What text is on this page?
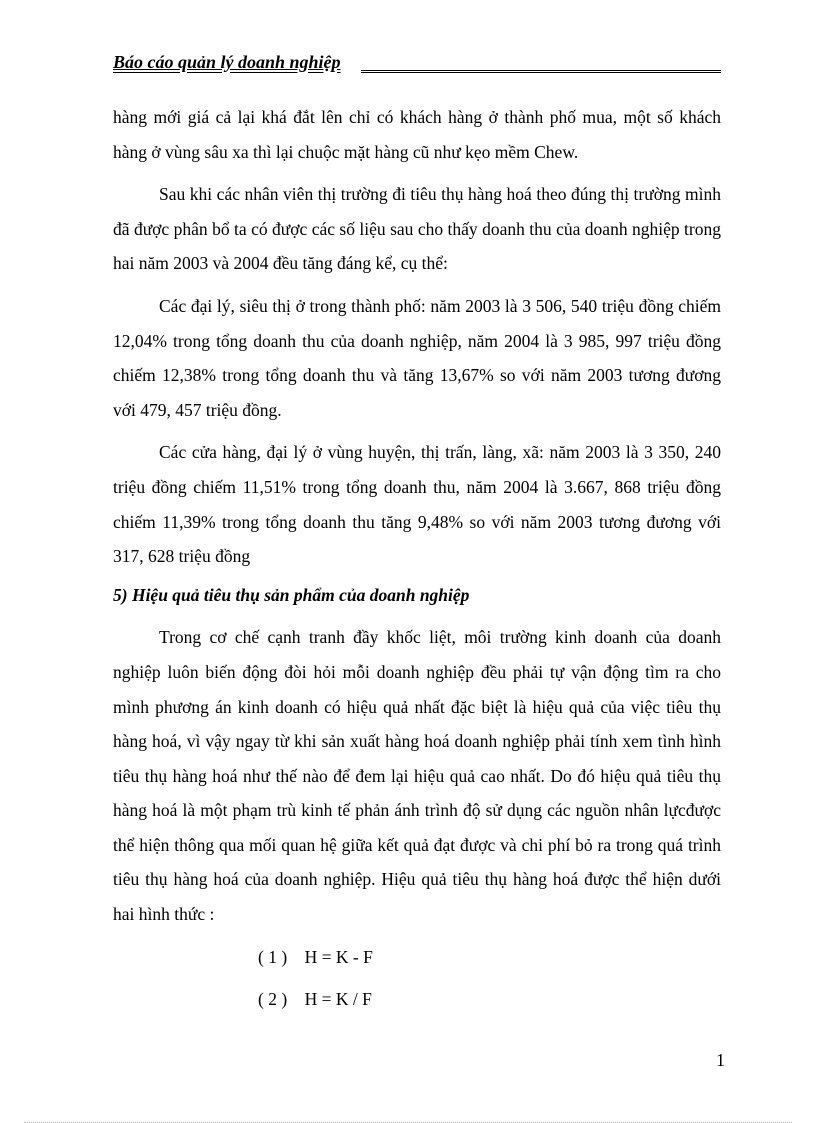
Báo cáo quản lý doanh nghiệp

hàng mới giá cả lại khá đắt lên chỉ có khách hàng ở thành phố mua, một số khách hàng ở vùng sâu xa thì lại chuộc mặt hàng cũ như kẹo mềm Chew.

Sau khi các nhân viên thị trường đi tiêu thụ hàng hoá theo đúng thị trường mình đã được phân bổ ta có được các số liệu sau cho thấy doanh thu của doanh nghiệp trong hai năm 2003 và 2004 đều tăng đáng kể, cụ thể:

Các đại lý, siêu thị ở trong thành phố: năm 2003 là 3 506, 540 triệu đồng chiếm 12,04% trong tổng doanh thu của doanh nghiệp, năm 2004 là 3 985, 997 triệu đồng chiếm 12,38% trong tổng doanh thu và tăng 13,67% so với năm 2003 tương đương với 479, 457 triệu đồng.

Các cửa hàng, đại lý ở vùng huyện, thị trấn, làng, xã: năm 2003 là 3 350, 240 triệu đồng chiếm 11,51% trong tổng doanh thu, năm 2004 là 3.667, 868 triệu đồng chiếm 11,39% trong tổng doanh thu tăng 9,48% so với năm 2003 tương đương với 317, 628 triệu đồng

5) Hiệu quả tiêu thụ sản phẩm của doanh nghiệp

Trong cơ chế cạnh tranh đầy khốc liệt, môi trường kinh doanh của doanh nghiệp luôn biến động đòi hỏi mỗi doanh nghiệp đều phải tự vận động tìm ra cho mình phương án kinh doanh có hiệu quả nhất đặc biệt là hiệu quả của việc tiêu thụ hàng hoá, vì vậy ngay từ khi sản xuất hàng hoá doanh nghiệp phải tính xem tình hình tiêu thụ hàng hoá như thế nào để đem lại hiệu quả cao nhất. Do đó hiệu quả tiêu thụ hàng hoá là một phạm trù kinh tế phản ánh trình độ sử dụng các nguồn nhân lựcđược thể hiện thông qua mối quan hệ giữa kết quả đạt được và chi phí bỏ ra trong quá trình tiêu thụ hàng hoá của doanh nghiệp. Hiệu quả tiêu thụ hàng hoá được thể hiện dưới hai hình thức :

( 1 )    H = K - F

( 2 )    H = K / F

1
